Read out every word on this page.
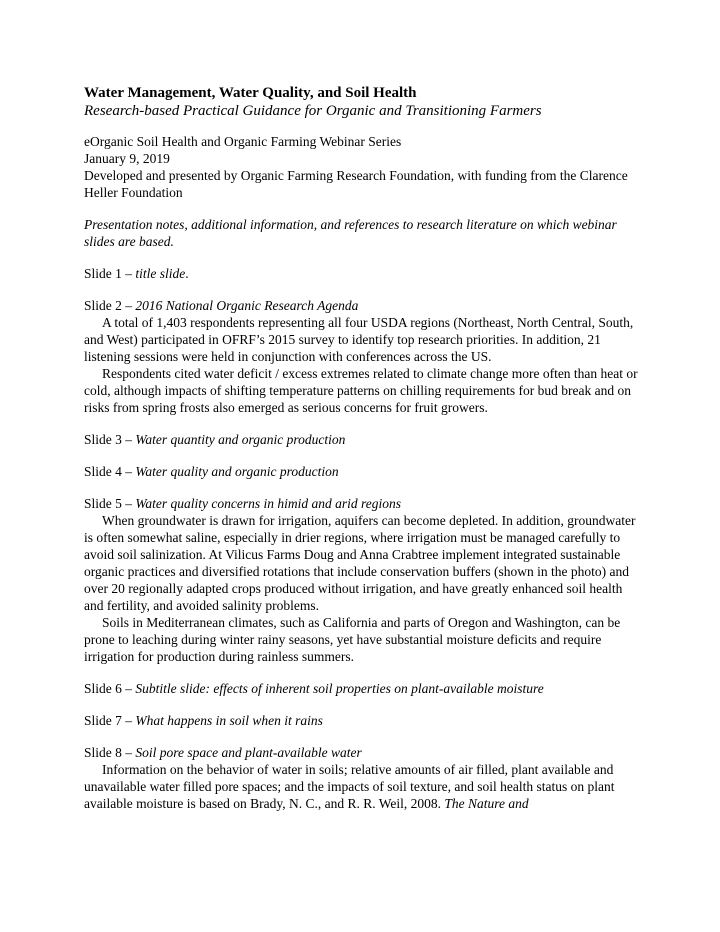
Water Management, Water Quality, and Soil Health

Research-based Practical Guidance for Organic and Transitioning Farmers

eOrganic Soil Health and Organic Farming Webinar Series

January 9, 2019

Developed and presented by Organic Farming Research Foundation, with funding from the Clarence Heller Foundation

Presentation notes, additional information, and references to research literature on which webinar slides are based.

Slide 1 – title slide.

Slide 2 – 2016 National Organic Research Agenda

A total of 1,403 respondents representing all four USDA regions (Northeast, North Central, South, and West) participated in OFRF’s 2015 survey to identify top research priorities. In addition, 21 listening sessions were held in conjunction with conferences across the US.

Respondents cited water deficit / excess extremes related to climate change more often than heat or cold, although impacts of shifting temperature patterns on chilling requirements for bud break and on risks from spring frosts also emerged as serious concerns for fruit growers.

Slide 3 – Water quantity and organic production

Slide 4 – Water quality and organic production

Slide 5 – Water quality concerns in himid and arid regions

When groundwater is drawn for irrigation, aquifers can become depleted. In addition, groundwater is often somewhat saline, especially in drier regions, where irrigation must be managed carefully to avoid soil salinization. At Vilicus Farms Doug and Anna Crabtree implement integrated sustainable organic practices and diversified rotations that include conservation buffers (shown in the photo) and over 20 regionally adapted crops produced without irrigation, and have greatly enhanced soil health and fertility, and avoided salinity problems.

Soils in Mediterranean climates, such as California and parts of Oregon and Washington, can be prone to leaching during winter rainy seasons, yet have substantial moisture deficits and require irrigation for production during rainless summers.

Slide 6 – Subtitle slide: effects of inherent soil properties on plant-available moisture

Slide 7 – What happens in soil when it rains

Slide 8 – Soil pore space and plant-available water

Information on the behavior of water in soils; relative amounts of air filled, plant available and unavailable water filled pore spaces; and the impacts of soil texture, and soil health status on plant available moisture is based on Brady, N. C., and R. R. Weil, 2008. The Nature and
